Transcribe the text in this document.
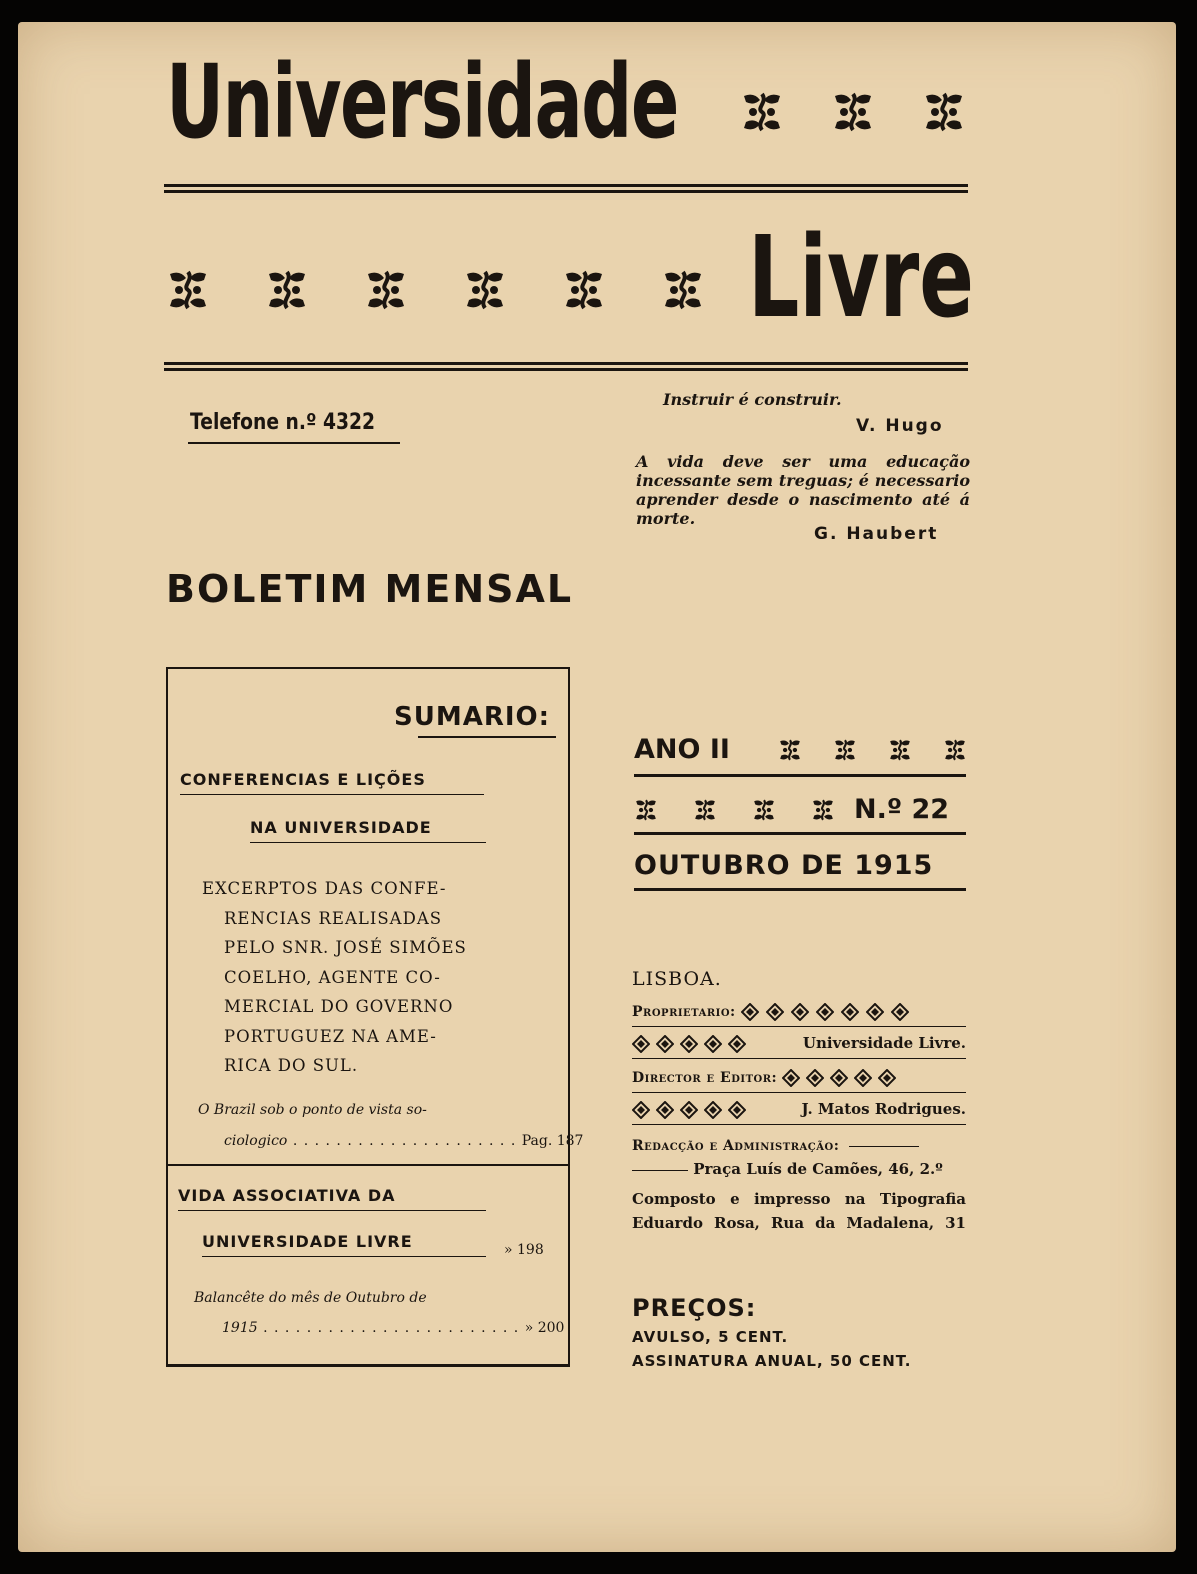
Universidade

Livre
Telefone n.º 4322
Instruir é construir.
V. Hugo
A vida deve ser uma educação incessante sem treguas; é necessario aprender desde o nascimento até á morte.
G. Haubert
BOLETIM MENSAL
SUMARIO:
CONFERENCIAS E LIÇÕES
NA UNIVERSIDADE
EXCERPTOS DAS CONFE-
RENCIAS REALISADAS
PELO SNR. JOSÉ SIMÕES
COELHO, AGENTE CO-
MERCIAL DO GOVERNO
PORTUGUEZ NA AME-
RICA DO SUL.
O Brazil sob o ponto de vista so-
ciologico . . . . . . . . . . . . . . . . . . . . . Pag. 187
VIDA ASSOCIATIVA DA
UNIVERSIDADE LIVRE	» 198
Balancête do mês de Outubro de
1915 . . . . . . . . . . . . . . . . . . . . . . . . » 200
ANO II

N.º 22
OUTUBRO DE 1915
LISBOA.
Proprietario:
Universidade Livre.
Director e Editor:
J. Matos Rodrigues.
Redacção e Administração:
Praça Luís de Camões, 46, 2.º
Composto e impresso na Tipografia
Eduardo Rosa, Rua da Madalena, 31
PREÇOS:
AVULSO, 5 CENT.
ASSINATURA ANUAL, 50 CENT.
